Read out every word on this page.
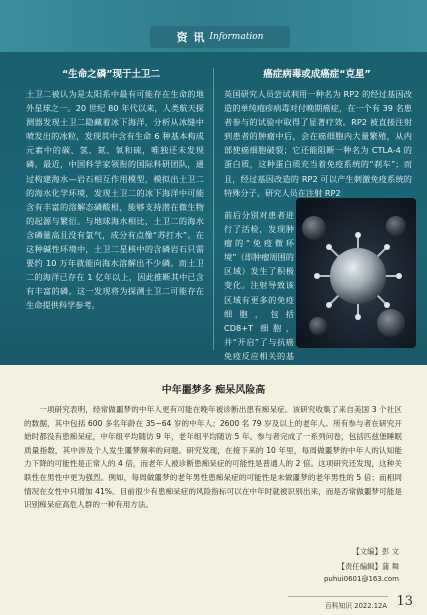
资 讯 Information
“生命之磷”现于土卫二

土卫二被认为是太阳系中最有可能存在生命的地外星球之一。20 世纪 80 年代以来，人类航天探测器发现土卫二隐藏着冰下海洋，分析从冰缝中喷发出的冰粒，发现其中含有生命 6 种基本构成元素中的碳、氢、氮、氧和硫，唯独还未发现磷。最近，中国科学家领衔的国际科研团队，通过构建海水—岩石相互作用模型，模拟出土卫二的海水化学环境，发现土卫二的冰下海洋中可能含有丰富的溶解态磷酸根，能够支持潜在微生物的起源与繁衍。与地球海水相比，土卫二的海水含磷量高且没有氯气，成分有点像“苏打水”。在这种碱性环境中，土卫二星核中的含磷岩石只需要约 10 万年就能向海水溶解出不少磷。而土卫二的海洋已存在 1 亿年以上，因此推断其中已含有丰富的磷。这一发现将为探测土卫二可能存在生命提供科学参考。

癌症病毒或成癌症“克星”

英国研究人员尝试利用一种名为 RP2 的经过基因改造的单纯疱疹病毒对付晚期癌症，在一个有 39 名患者参与的试验中取得了显著疗效。RP2 被直接注射到患者的肿瘤中后，会在癌细胞内大量繁殖，从内部使癌细胞破裂；它还能阻断一种名为 CTLA-4 的蛋白质，这种蛋白质充当着免疫系统的“刹车”；而且，经过基因改造的 RP2 可以产生刺激免疫系统的特殊分子。研究人员在注射 RP2

前后分别对患者进行了活检，发现肿瘤的“免疫微环境”（即肿瘤周围的区域）发生了积极变化。注射导致该区域有更多的免疫细胞，包括 CD8+T 细胞，并“开启”了与抗癌免疫反应相关的基因。

中年噩梦多 痴呆风险高

一项研究表明，经常做噩梦的中年人更有可能在晚年被诊断出患有痴呆症。该研究收集了来自美国 3 个社区的数据，其中包括 600 多名年龄在 35~64 岁的中年人；2600 名 79 岁及以上的老年人。所有参与者在研究开始时都没有患痴呆症，中年组平均随访 9 年，老年组平均随访 5 年。参与者完成了一系列问卷，包括匹兹堡睡眠质量指数，其中涉及个人发生噩梦频率的问题。研究发现，在接下来的 10 年里，每周做噩梦的中年人的认知能力下降的可能性是正常人的 4 倍，而老年人被诊断患痴呆症的可能性是普通人的 2 倍。这项研究还发现，这种关联性在男性中更为强烈。例如，每周做噩梦的老年男性患痴呆症的可能性是未做噩梦的老年男性的 5 倍；而相同情况在女性中只增加 41%。目前很少有患痴呆症的风险指标可以在中年时就被识别出来，而是否常做噩梦可能是识别痴呆症高危人群的一种有用方法。

【文编】彭 文
【责任编辑】蒲 舞
puhui0601@163.com
百科知识 2022.12A 13
